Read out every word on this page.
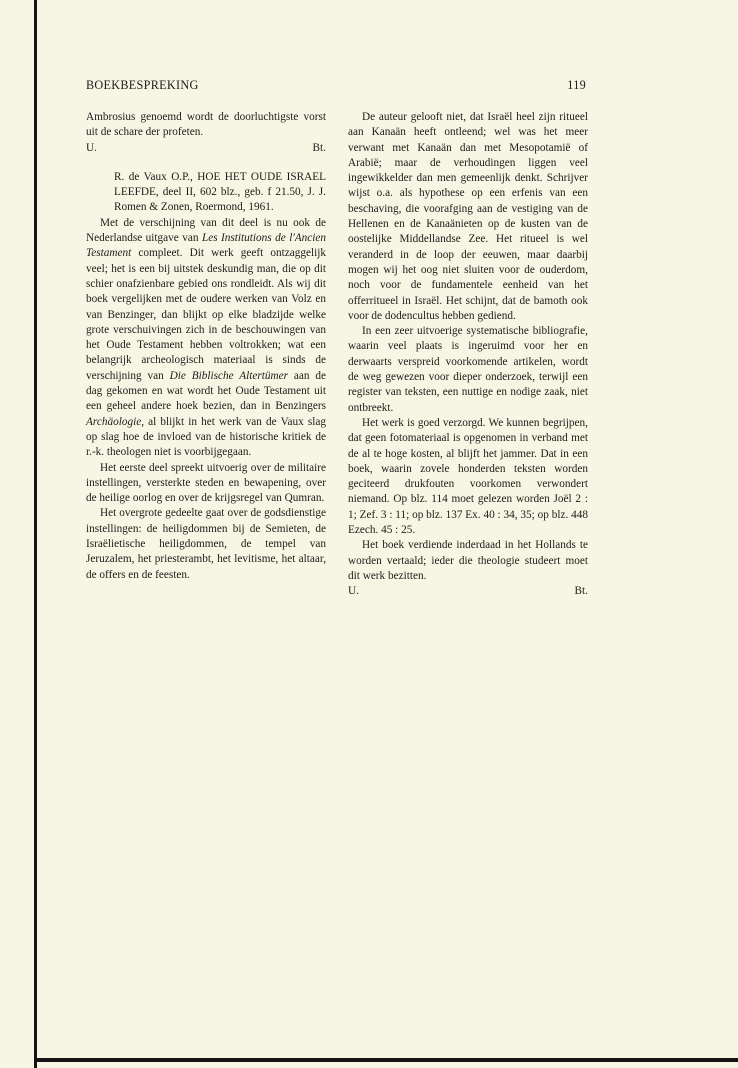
BOEKBESPREKING	119

Ambrosius genoemd wordt de doorluchtigste vorst uit de schare der profeten.

U.	Bt.

R. de Vaux O.P., HOE HET OUDE ISRAEL LEEFDE, deel II, 602 blz., geb. f 21.50, J. J. Romen & Zonen, Roermond, 1961.

Met de verschijning van dit deel is nu ook de Nederlandse uitgave van Les Institutions de l'Ancien Testament compleet. Dit werk geeft ontzaggelijk veel; het is een bij uitstek deskundig man, die op dit schier onafzienbare gebied ons rondleidt. Als wij dit boek vergelijken met de oudere werken van Volz en van Benzinger, dan blijkt op elke bladzijde welke grote verschuivingen zich in de beschouwingen van het Oude Testament hebben voltrokken; wat een belangrijk archeologisch materiaal is sinds de verschijning van Die Biblische Altertümer aan de dag gekomen en wat wordt het Oude Testament uit een geheel andere hoek bezien, dan in Benzingers Archäologie, al blijkt in het werk van de Vaux slag op slag hoe de invloed van de historische kritiek de r.-k. theologen niet is voorbijgegaan.

Het eerste deel spreekt uitvoerig over de militaire instellingen, versterkte steden en bewapening, over de heilige oorlog en over de krijgsregel van Qumran.

Het overgrote gedeelte gaat over de godsdienstige instellingen: de heiligdommen bij de Semieten, de Israëlietische heiligdommen, de tempel van Jeruzalem, het priesterambt, het levitisme, het altaar, de offers en de feesten.

De auteur gelooft niet, dat Israël heel zijn ritueel aan Kanaän heeft ontleend; wel was het meer verwant met Kanaän dan met Mesopotamië of Arabië; maar de verhoudingen liggen veel ingewikkelder dan men gemeenlijk denkt. Schrijver wijst o.a. als hypothese op een erfenis van een beschaving, die voorafging aan de vestiging van de Hellenen en de Kanaänieten op de kusten van de oostelijke Middellandse Zee. Het ritueel is wel veranderd in de loop der eeuwen, maar daarbij mogen wij het oog niet sluiten voor de ouderdom, noch voor de fundamentele eenheid van het offerritueel in Israël. Het schijnt, dat de bamoth ook voor de dodencultus hebben gediend.

In een zeer uitvoerige systematische bibliografie, waarin veel plaats is ingeruimd voor her en derwaarts verspreid voorkomende artikelen, wordt de weg gewezen voor dieper onderzoek, terwijl een register van teksten, een nuttige en nodige zaak, niet ontbreekt.

Het werk is goed verzorgd. We kunnen begrijpen, dat geen fotomateriaal is opgenomen in verband met de al te hoge kosten, al blijft het jammer. Dat in een boek, waarin zovele honderden teksten worden geciteerd drukfouten voorkomen verwondert niemand. Op blz. 114 moet gelezen worden Joël 2 : 1; Zef. 3 : 11; op blz. 137 Ex. 40 : 34, 35; op blz. 448 Ezech. 45 : 25.

Het boek verdiende inderdaad in het Hollands te worden vertaald; ieder die theologie studeert moet dit werk bezitten.

U.	Bt.
